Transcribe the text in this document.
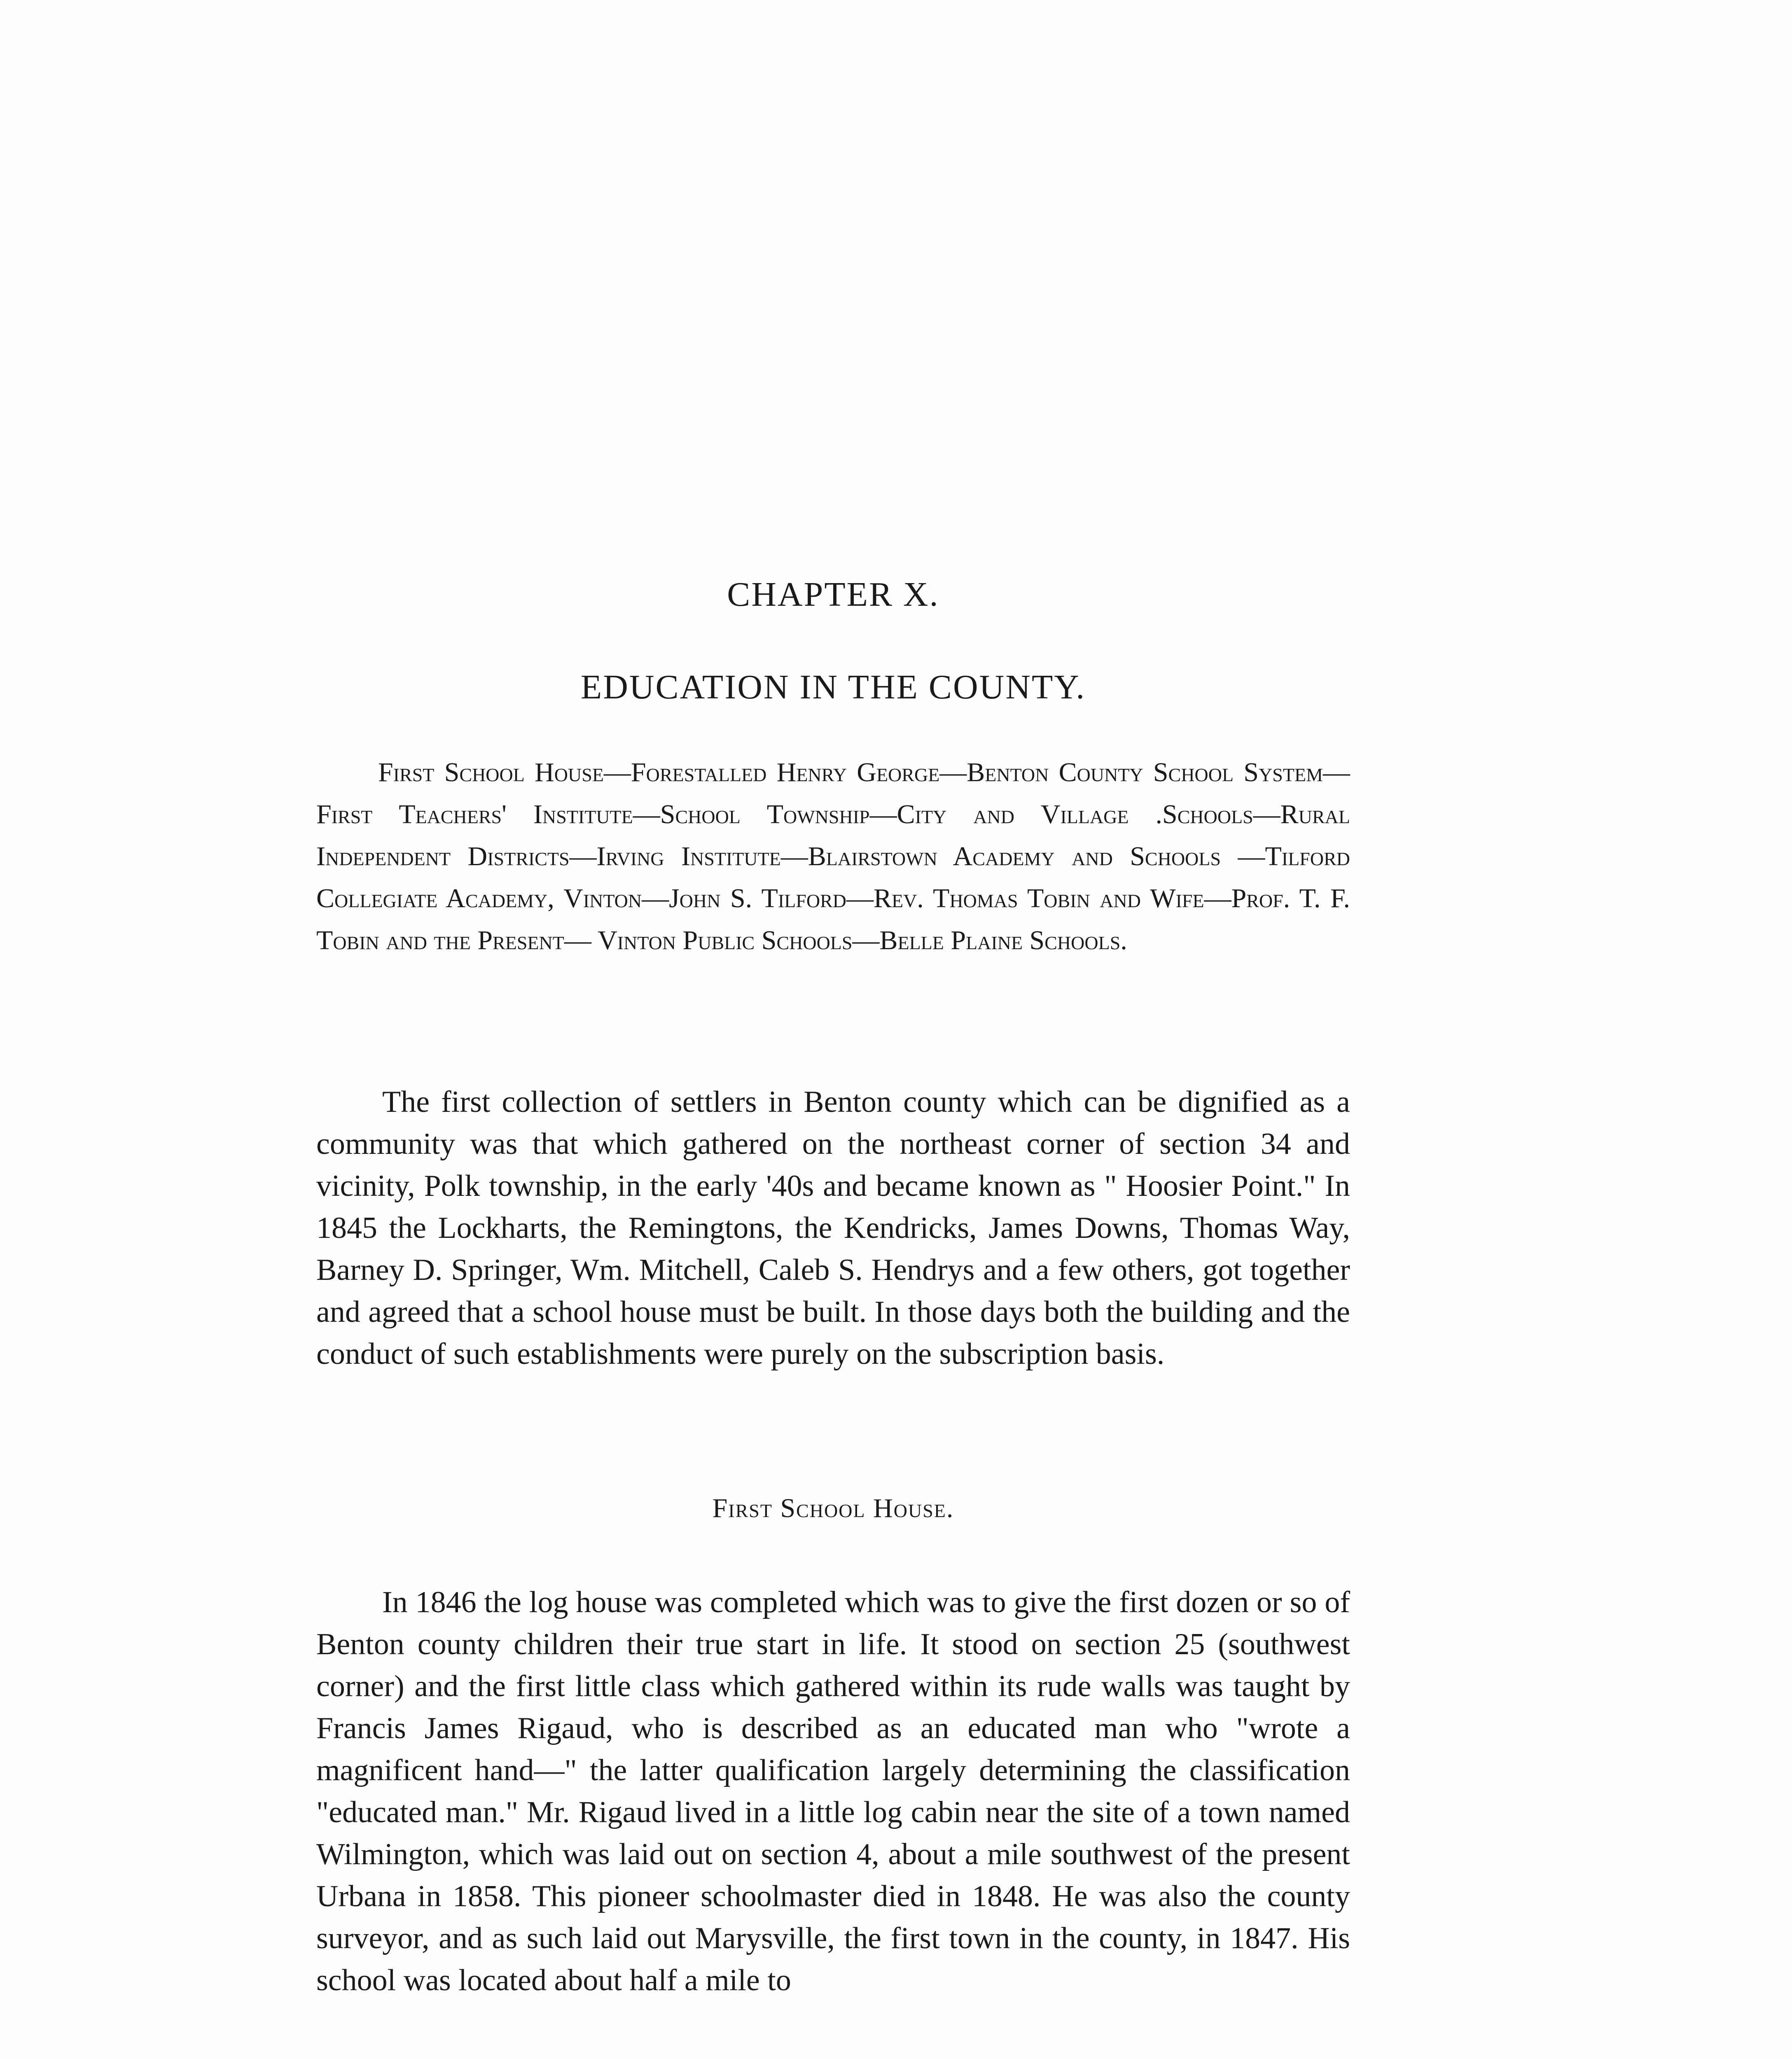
CHAPTER X.
EDUCATION IN THE COUNTY.

First School House—Forestalled Henry George—Benton County School System—First Teachers' Institute—School Township—City and Village .Schools—Rural Independent Districts—Irving Institute—Blairstown Academy and Schools —Tilford Collegiate Academy, Vinton—John S. Tilford—Rev. Thomas Tobin and Wife—Prof. T. F. Tobin and the Present— Vinton Public Schools—Belle Plaine Schools.

The first collection of settlers in Benton county which can be dignified as a community was that which gathered on the northeast corner of section 34 and vicinity, Polk township, in the early '40s and became known as " Hoosier Point." In 1845 the Lockharts, the Remingtons, the Kendricks, James Downs, Thomas Way, Barney D. Springer, Wm. Mitchell, Caleb S. Hendrys and a few others, got together and agreed that a school house must be built. In those days both the building and the conduct of such establishments were purely on the subscription basis.

First School House.

In 1846 the log house was completed which was to give the first dozen or so of Benton county children their true start in life. It stood on section 25 (southwest corner) and the first little class which gathered within its rude walls was taught by Francis James Rigaud, who is described as an educated man who "wrote a magnificent hand—" the latter qualification largely determining the classification "educated man." Mr. Rigaud lived in a little log cabin near the site of a town named Wilmington, which was laid out on section 4, about a mile southwest of the present Urbana in 1858. This pioneer schoolmaster died in 1848. He was also the county surveyor, and as such laid out Marysville, the first town in the county, in 1847. His school was located about half a mile to
